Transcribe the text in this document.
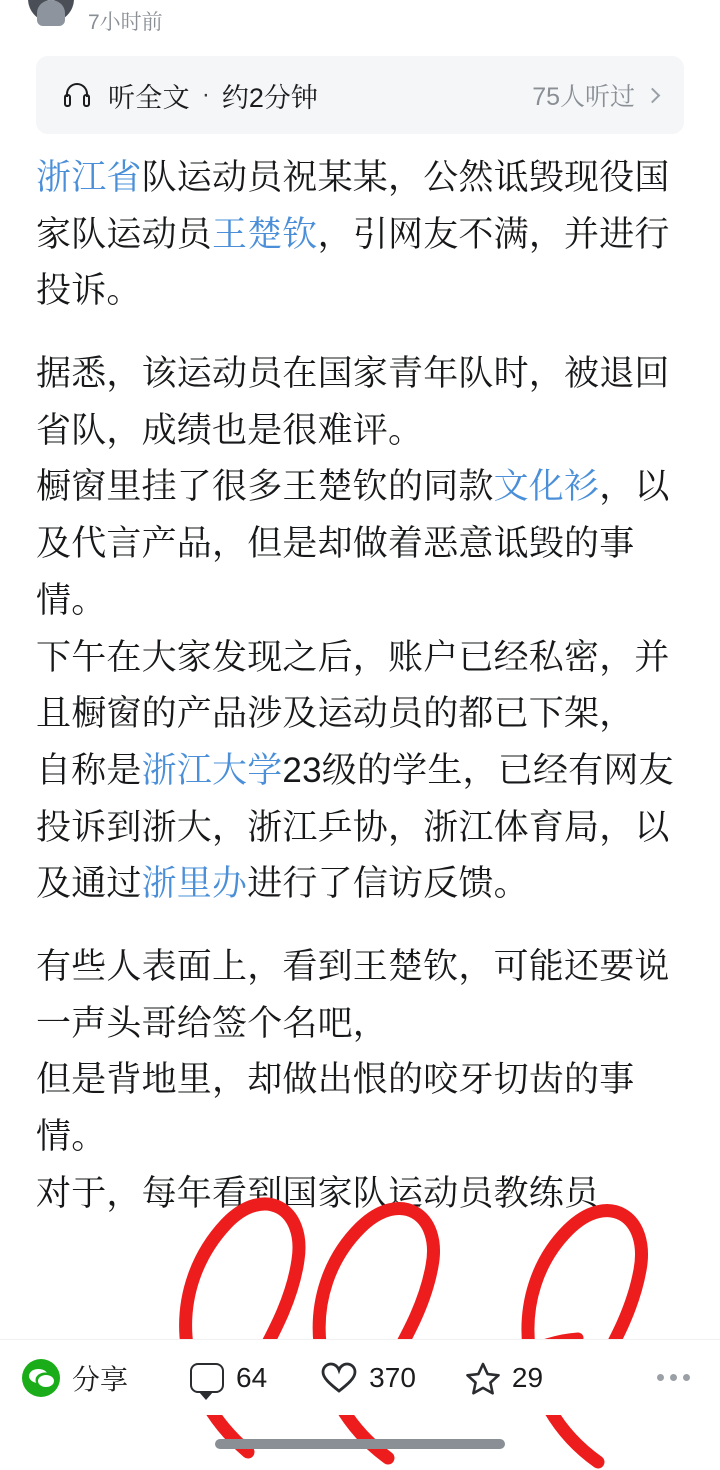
7小时前
听全文 · 约2分钟	75人听过

浙江省队运动员祝某某，公然诋毁现役国家队运动员王楚钦，引网友不满，并进行投诉。

据悉，该运动员在国家青年队时，被退回省队，成绩也是很难评。

橱窗里挂了很多王楚钦的同款文化衫，以及代言产品，但是却做着恶意诋毁的事情。

下午在大家发现之后，账户已经私密，并且橱窗的产品涉及运动员的都已下架，

自称是浙江大学23级的学生，已经有网友投诉到浙大，浙江乒协，浙江体育局，以及通过浙里办进行了信访反馈。

有些人表面上，看到王楚钦，可能还要说一声头哥给签个名吧，

但是背地里，却做出恨的咬牙切齿的事情。

对于，每年看到国家队运动员教练员

分享	64	370	29
